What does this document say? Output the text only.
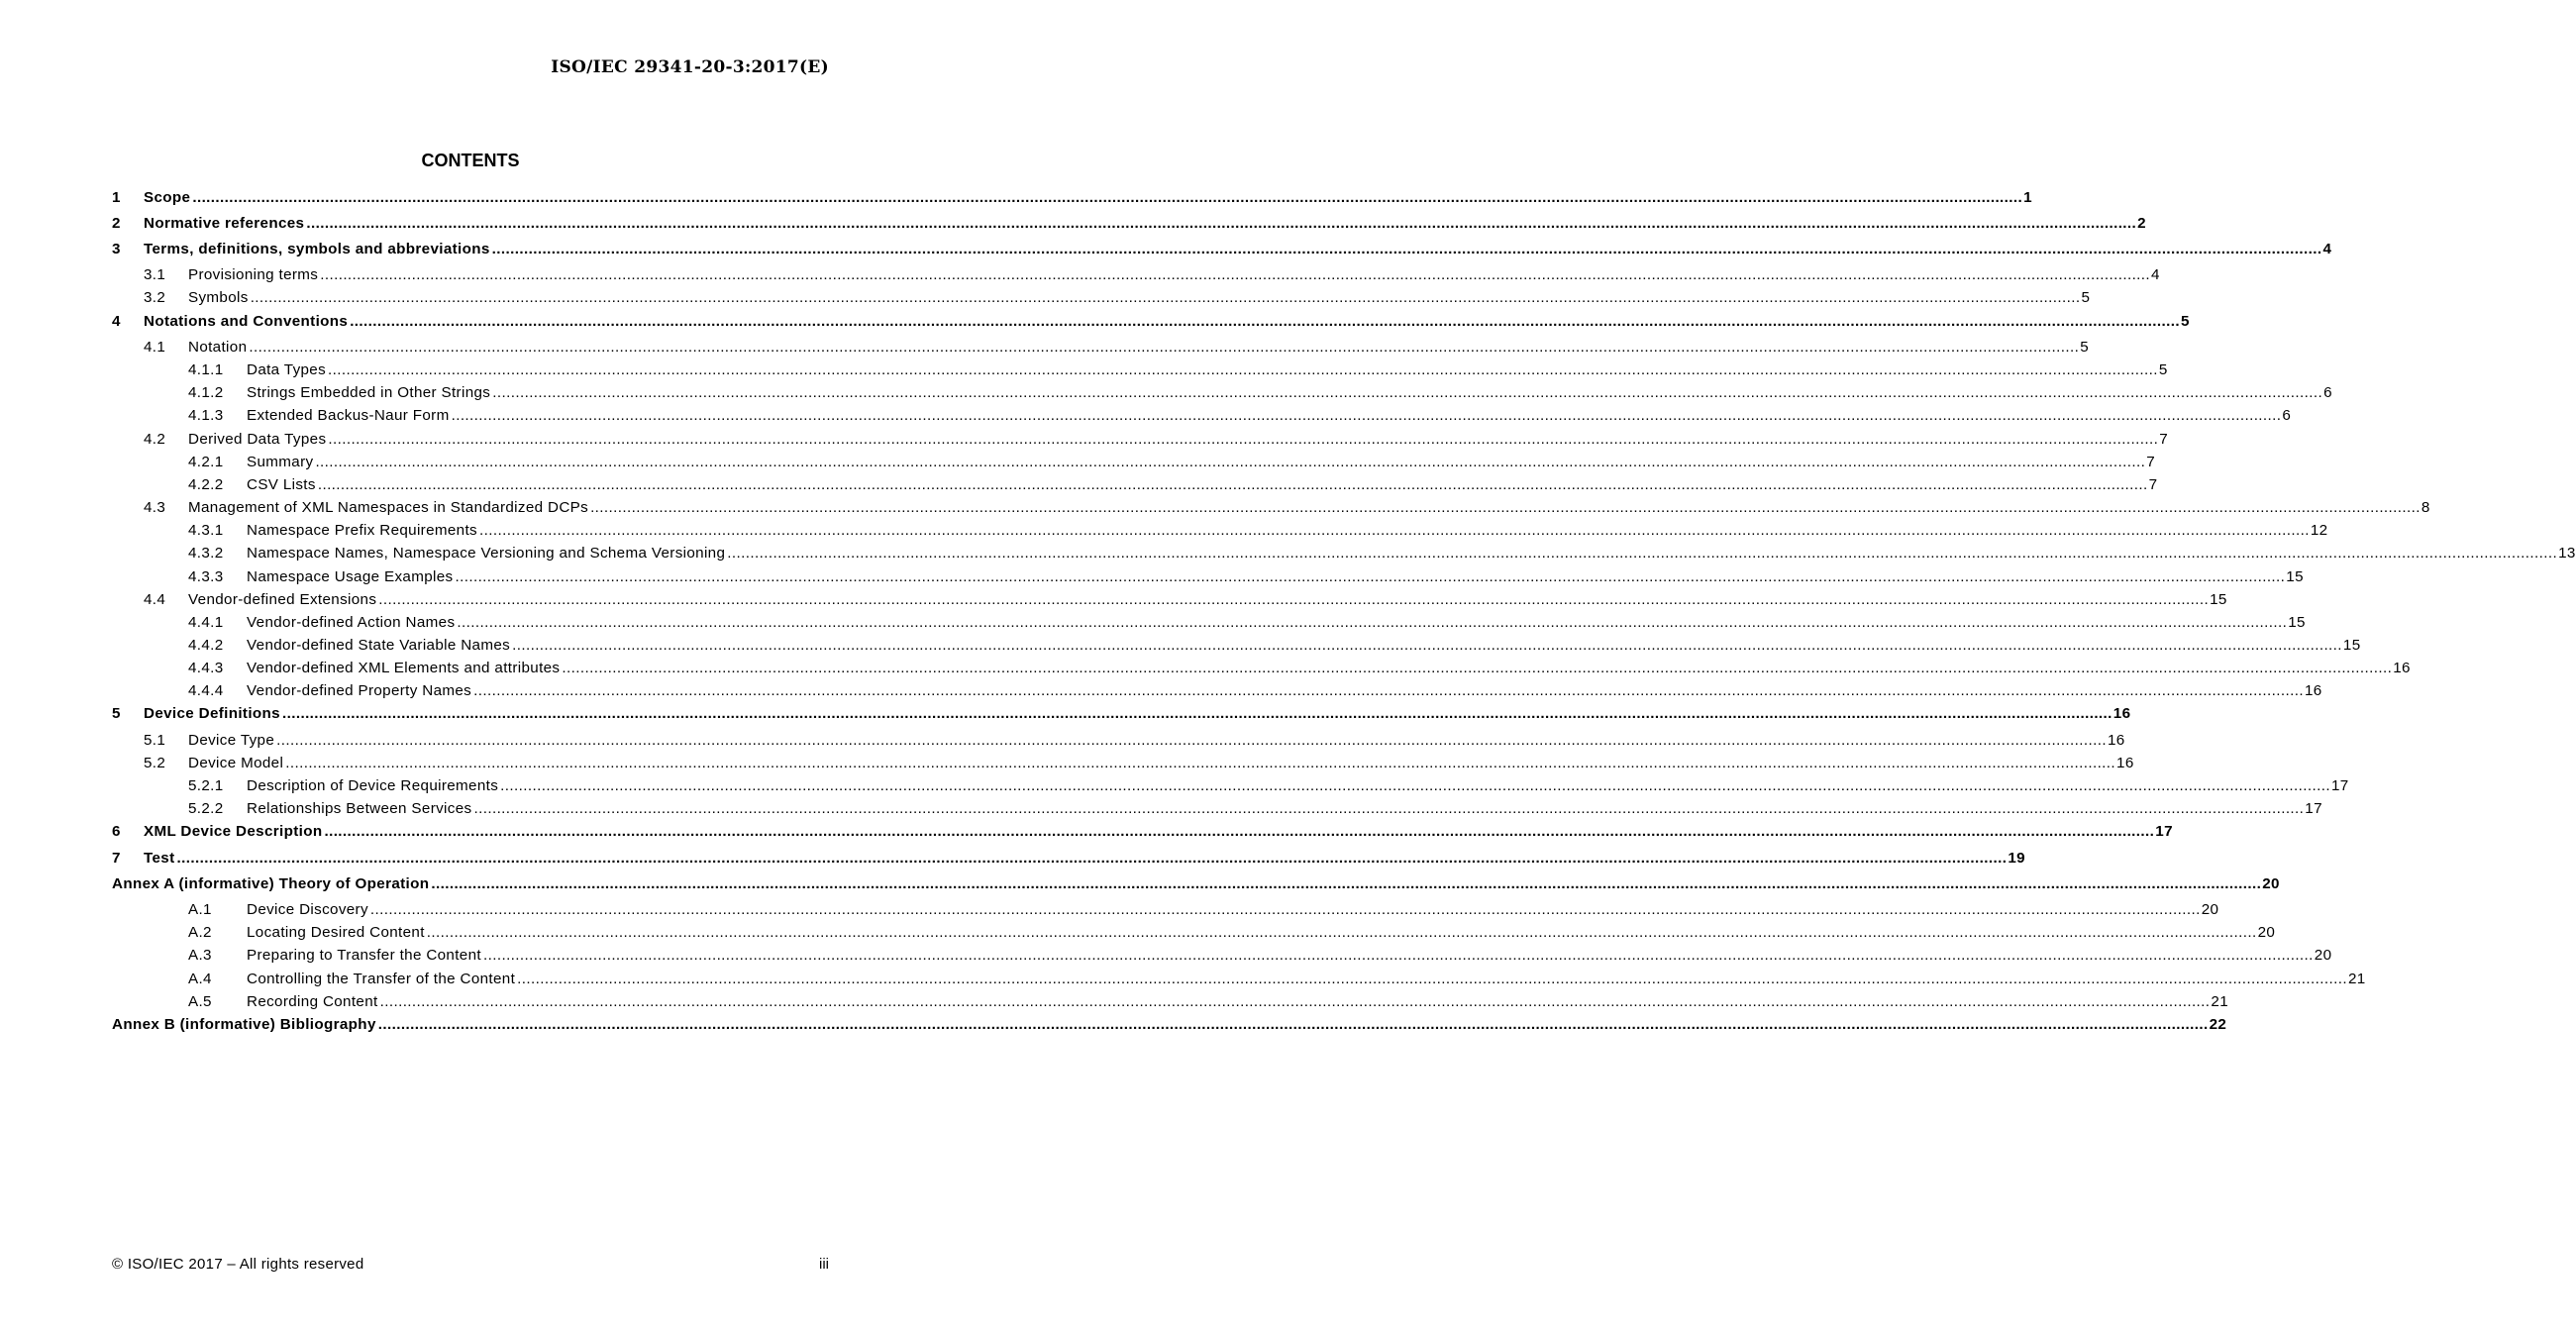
ISO/IEC 29341-20-3:2017(E)
CONTENTS
1	Scope ................................................................................................................................................................................................................................................................................................................................................................................................................ 1
2	Normative references ................................................................................................................................................................................................................................................................................................................................................................................................................ 2
3	Terms, definitions, symbols and abbreviations ................................................................................................................................................................................................................................................................................................................................................................................................................ 4
3.1	Provisioning terms ................................................................................................................................................................................................................................................................................................................................................................................................................ 4
3.2	Symbols ................................................................................................................................................................................................................................................................................................................................................................................................................ 5
4	Notations and Conventions ................................................................................................................................................................................................................................................................................................................................................................................................................ 5
4.1	Notation ................................................................................................................................................................................................................................................................................................................................................................................................................ 5
4.1.1	Data Types ................................................................................................................................................................................................................................................................................................................................................................................................................ 5
4.1.2	Strings Embedded in Other Strings ................................................................................................................................................................................................................................................................................................................................................................................................................ 6
4.1.3	Extended Backus-Naur Form ................................................................................................................................................................................................................................................................................................................................................................................................................ 6
4.2	Derived Data Types ................................................................................................................................................................................................................................................................................................................................................................................................................ 7
4.2.1	Summary ................................................................................................................................................................................................................................................................................................................................................................................................................ 7
4.2.2	CSV Lists ................................................................................................................................................................................................................................................................................................................................................................................................................ 7
4.3	Management of XML Namespaces in Standardized DCPs ................................................................................................................................................................................................................................................................................................................................................................................................................ 8
4.3.1	Namespace Prefix Requirements ................................................................................................................................................................................................................................................................................................................................................................................................................ 12
4.3.2	Namespace Names, Namespace Versioning and Schema Versioning ................................................................................................................................................................................................................................................................................................................................................................................................................ 13
4.3.3	Namespace Usage Examples ................................................................................................................................................................................................................................................................................................................................................................................................................ 15
4.4	Vendor-defined Extensions ................................................................................................................................................................................................................................................................................................................................................................................................................ 15
4.4.1	Vendor-defined Action Names ................................................................................................................................................................................................................................................................................................................................................................................................................ 15
4.4.2	Vendor-defined State Variable Names ................................................................................................................................................................................................................................................................................................................................................................................................................ 15
4.4.3	Vendor-defined XML Elements and attributes ................................................................................................................................................................................................................................................................................................................................................................................................................ 16
4.4.4	Vendor-defined Property Names ................................................................................................................................................................................................................................................................................................................................................................................................................ 16
5	Device Definitions ................................................................................................................................................................................................................................................................................................................................................................................................................ 16
5.1	Device Type ................................................................................................................................................................................................................................................................................................................................................................................................................ 16
5.2	Device Model ................................................................................................................................................................................................................................................................................................................................................................................................................ 16
5.2.1	Description of Device Requirements ................................................................................................................................................................................................................................................................................................................................................................................................................ 17
5.2.2	Relationships Between Services ................................................................................................................................................................................................................................................................................................................................................................................................................ 17
6	XML Device Description ................................................................................................................................................................................................................................................................................................................................................................................................................ 17
7	Test ................................................................................................................................................................................................................................................................................................................................................................................................................ 19
Annex A (informative) Theory of Operation ................................................................................................................................................................................................................................................................................................................................................................................................................ 20
A.1	Device Discovery ................................................................................................................................................................................................................................................................................................................................................................................................................ 20
A.2	Locating Desired Content ................................................................................................................................................................................................................................................................................................................................................................................................................ 20
A.3	Preparing to Transfer the Content ................................................................................................................................................................................................................................................................................................................................................................................................................ 20
A.4	Controlling the Transfer of the Content ................................................................................................................................................................................................................................................................................................................................................................................................................ 21
A.5	Recording Content ................................................................................................................................................................................................................................................................................................................................................................................................................ 21
Annex B (informative) Bibliography ................................................................................................................................................................................................................................................................................................................................................................................................................ 22
© ISO/IEC 2017 – All rights reserved	iii
